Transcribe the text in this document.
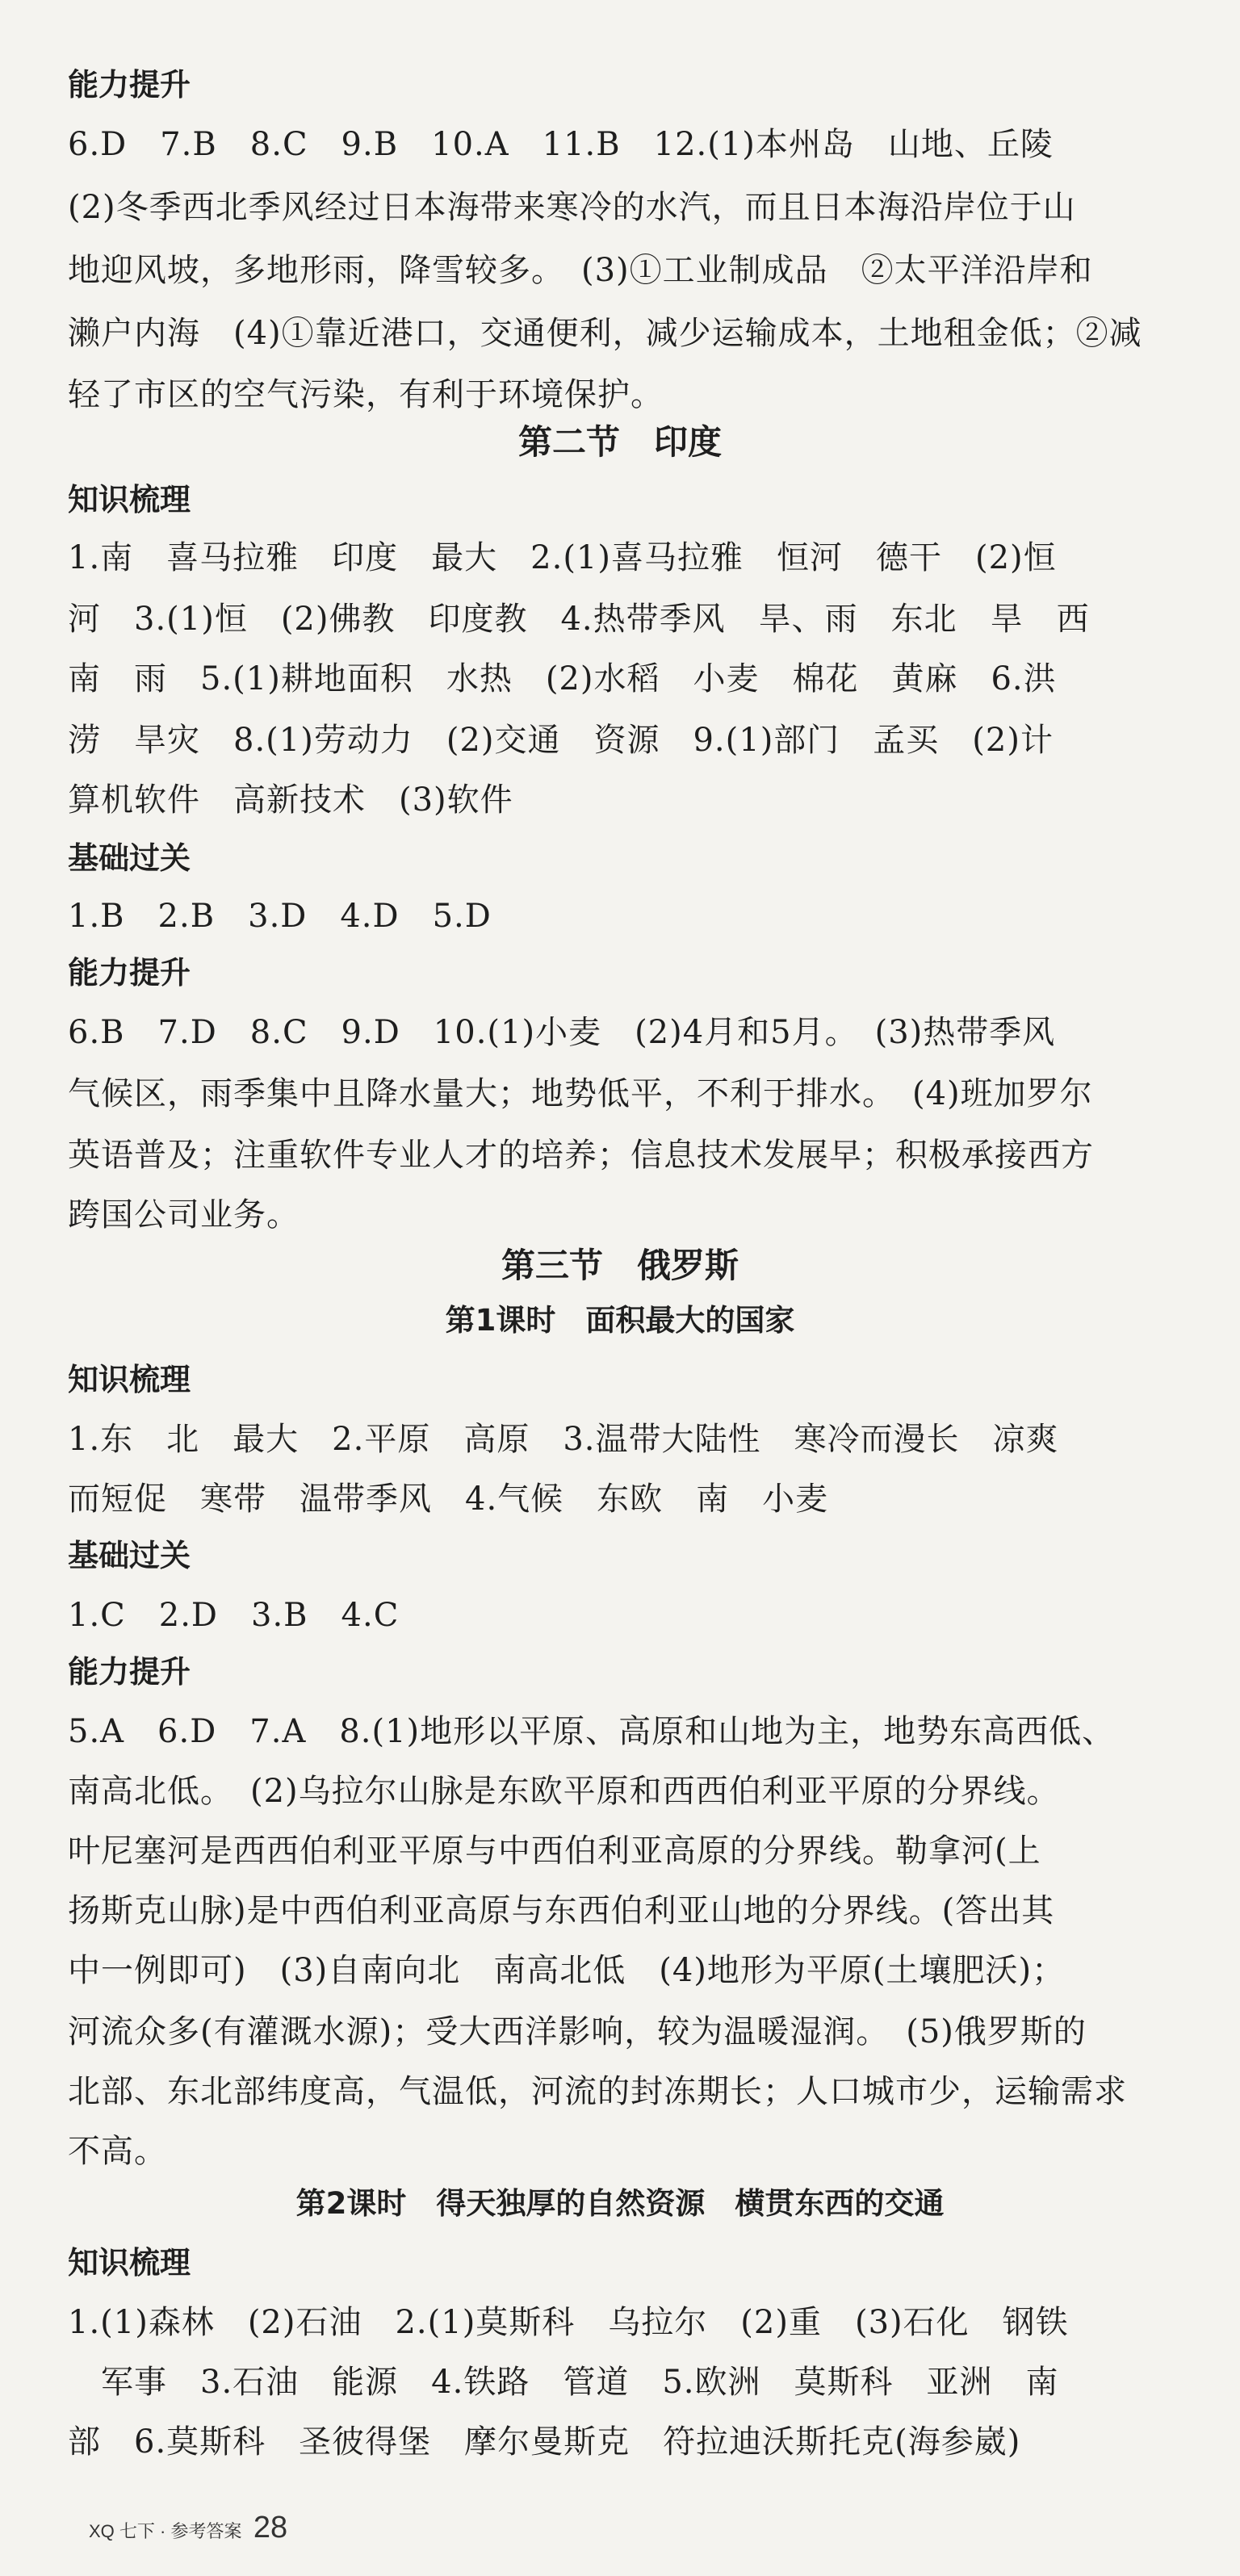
能力提升
6.D　7.B　8.C　9.B　10.A　11.B　12.(1)本州岛　山地、丘陵
(2)冬季西北季风经过日本海带来寒冷的水汽，而且日本海沿岸位于山
地迎风坡，多地形雨，降雪较多。　(3)①工业制成品　②太平洋沿岸和
濑户内海　(4)①靠近港口，交通便利，减少运输成本，土地租金低；②减
轻了市区的空气污染，有利于环境保护。
第二节　印度
知识梳理
1.南　喜马拉雅　印度　最大　2.(1)喜马拉雅　恒河　德干　(2)恒
河　3.(1)恒　(2)佛教　印度教　4.热带季风　旱、雨　东北　旱　西
南　雨　5.(1)耕地面积　水热　(2)水稻　小麦　棉花　黄麻　6.洪
涝　旱灾　8.(1)劳动力　(2)交通　资源　9.(1)部门　孟买　(2)计
算机软件　高新技术　(3)软件
基础过关
1.B　2.B　3.D　4.D　5.D
能力提升
6.B　7.D　8.C　9.D　10.(1)小麦　(2)4月和5月。　(3)热带季风
气候区，雨季集中且降水量大；地势低平，不利于排水。　(4)班加罗尔
英语普及；注重软件专业人才的培养；信息技术发展早；积极承接西方
跨国公司业务。
第三节　俄罗斯
第1课时　面积最大的国家
知识梳理
1.东　北　最大　2.平原　高原　3.温带大陆性　寒冷而漫长　凉爽
而短促　寒带　温带季风　4.气候　东欧　南　小麦
基础过关
1.C　2.D　3.B　4.C
能力提升
5.A　6.D　7.A　8.(1)地形以平原、高原和山地为主，地势东高西低、
南高北低。　(2)乌拉尔山脉是东欧平原和西西伯利亚平原的分界线。
叶尼塞河是西西伯利亚平原与中西伯利亚高原的分界线。勒拿河(上
扬斯克山脉)是中西伯利亚高原与东西伯利亚山地的分界线。(答出其
中一例即可)　(3)自南向北　南高北低　(4)地形为平原(土壤肥沃)；
河流众多(有灌溉水源)；受大西洋影响，较为温暖湿润。　(5)俄罗斯的
北部、东北部纬度高，气温低，河流的封冻期长；人口城市少，运输需求
不高。
第2课时　得天独厚的自然资源　横贯东西的交通
知识梳理
1.(1)森林　(2)石油　2.(1)莫斯科　乌拉尔　(2)重　(3)石化　钢铁
　军事　3.石油　能源　4.铁路　管道　5.欧洲　莫斯科　亚洲　南
部　6.莫斯科　圣彼得堡　摩尔曼斯克　符拉迪沃斯托克(海参崴)
XQ 七下 · 参考答案 28
